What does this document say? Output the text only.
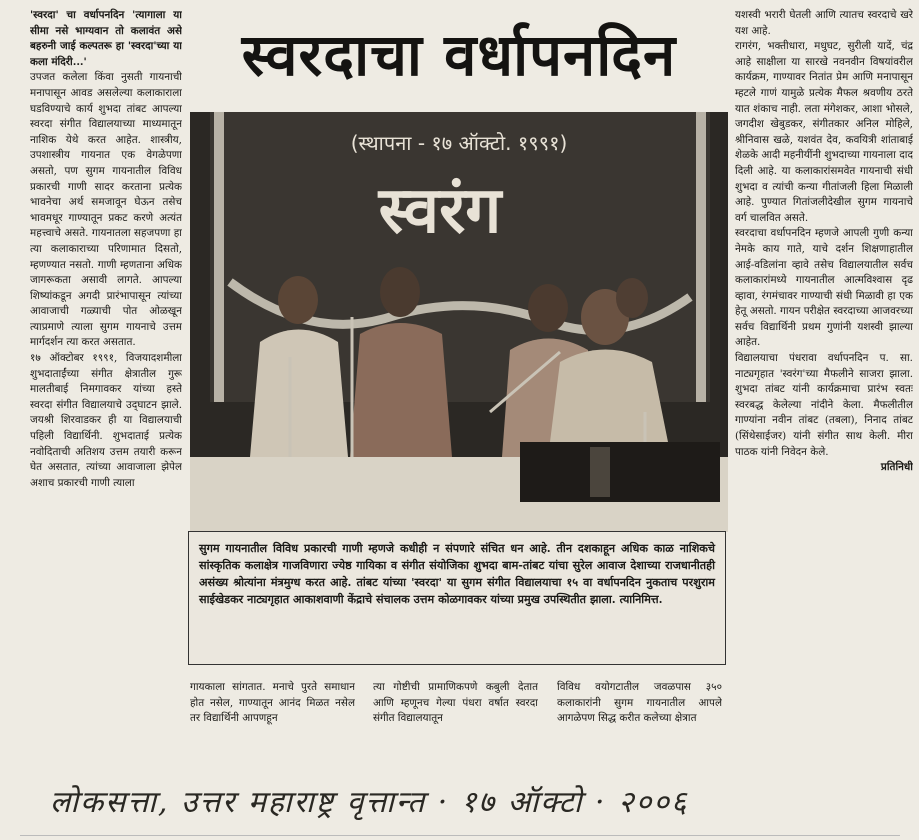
'स्वरदा' चा वर्धापनदिन 'त्यागाला या सीमा नसे भाग्यवान तो कलावंत असे बहरुनी जाई कल्पतरू हा 'स्वरदा'च्या या कला मंदिरी...'

उपजत कलेला किंवा नुसती गायनाची मनापासून आवड असलेल्या कलाकाराला घडविण्याचे कार्य शुभदा तांबट आपल्या स्वरदा संगीत विद्यालयाच्या माध्यमातून नाशिक येथे करत आहेत. शास्त्रीय, उपशास्त्रीय गायनात एक वेगळेपणा असतो, पण सुगम गायनातील विविध प्रकारची गाणी सादर करताना प्रत्येक भावनेचा अर्थ समजावून घेऊन तसेच भावमधूर गाण्यातून प्रकट करणे अत्यंत महत्त्वाचे असते. गायनातला सहजपणा हा त्या कलाकाराच्या परिणामात दिसतो, म्हणण्यात नसतो. गाणी म्हणताना अधिक जागरूकता असावी लागते. आपल्या शिष्यांकडून अगदी प्रारंभापासून त्यांच्या आवाजाची गळ्याची पोत ओळखून त्याप्रमाणे त्याला सुगम गायनाचे उत्तम मार्गदर्शन त्या करत असतात.

१७ ऑक्टोबर १९९१, विजयादशमीला शुभदाताईंच्या संगीत क्षेत्रातील गुरू मालतीबाई निमगावकर यांच्या हस्ते स्वरदा संगीत विद्यालयाचे उद्‌घाटन झाले. जयश्री शिरवाडकर ही या विद्यालयाची पहिली विद्यार्थिनी. शुभदाताई प्रत्येक नवोदिताची अतिशय उत्तम तयारी करून घेत असतात, त्यांच्या आवाजाला झेपेल अशाच प्रकारची गाणी त्याला

स्वरदाचा वर्धापनदिन
(स्थापना - १७ ऑक्टो. १९९१)
स्वरंग

सुगम गायनातील विविध प्रकारची गाणी म्हणजे कधीही न संपणारे संचित धन आहे. तीन दशकाहून अधिक काळ नाशिकचे सांस्कृतिक कलाक्षेत्र गाजविणारा ज्येष्ठ गायिका व संगीत संयोजिका शुभदा बाम-तांबट यांचा सुरेल आवाज देशाच्या राजधानीतही असंख्य श्रोत्यांना मंत्रमुग्ध करत आहे. तांबट यांच्या 'स्वरदा' या सुगम संगीत विद्यालयाचा १५ वा वर्धापनदिन नुकताच परशुराम साईखेडकर नाट्यगृहात आकाशवाणी केंद्राचे संचालक उत्तम कोळगावकर यांच्या प्रमुख उपस्थितीत झाला. त्यानिमित्त.

गायकाला सांगतात. मनाचे पुरते समाधान होत नसेल, गाण्यातून आनंद मिळत नसेल तर विद्यार्थिनी आपणहून
त्या गोष्टीची प्रामाणिकपणे कबुली देतात आणि म्हणूनच गेल्या पंधरा वर्षात स्वरदा संगीत विद्यालयातून
विविध वयोगटातील जवळपास ३५० कलाकारांनी सुगम गायनातील आपले आगळेपण सिद्ध करीत कलेच्या क्षेत्रात

यशस्वी भरारी घेतली आणि त्यातच स्वरदाचे खरे यश आहे.

रागरंग, भक्तीधारा, मधुघट, सुरीली यादें, चंद्र आहे साक्षीला या सारखे नवनवीन विषयांवरील कार्यक्रम, गाण्यावर नितांत प्रेम आणि मनापासून म्हटले गाणं यामुळे प्रत्येक मैफल श्रवणीय ठरते यात शंकाच नाही. लता मंगेशकर, आशा भोसले, जगदीश खेबुडकर, संगीतकार अनिल मोहिले, श्रीनिवास खळे, यशवंत देव, कवयित्री शांताबाई शेळके आदी महनीयींनी शुभदाच्या गायनाला दाद दिली आहे. या कलाकारांसमवेत गायनाची संधी शुभदा व त्यांची कन्या गीतांजली हिला मिळाली आहे. पुण्यात गितांजलीदेखील सुगम गायनाचे वर्ग चालवित असते.

स्वरदाचा वर्धापनदिन म्हणजे आपली गुणी कन्या नेमके काय गाते, याचे दर्शन शिक्षणाहातील आई-वडिलांना व्हावे तसेच विद्यालयातील सर्वच कलाकारांमध्ये गायनातील आत्मविश्वास दृढ व्हावा, रंगमंचावर गाण्याची संधी मिळावी हा एक हेतू असतो. गायन परीक्षेत स्वरदाच्या आजवरच्या सर्वच विद्यार्थिनी प्रथम गुणांनी यशस्वी झाल्या आहेत.

विद्यालयाचा पंधरावा वर्धापनदिन प. सा. नाट्यगृहात 'स्वरंग'च्या मैफलीने साजरा झाला. शुभदा तांबट यांनी कार्यक्रमाचा प्रारंभ स्वतः स्वरबद्ध केलेल्या नांदीने केला. मैफलीतील गाण्यांना नवीन तांबट (तबला), निनाद तांबट (सिंथेसाईजर) यांनी संगीत साथ केली. मीरा पाठक यांनी निवेदन केले.

प्रतिनिधी
लोकसत्ता, उत्तर महाराष्ट्र वृत्तान्त · १७ ऑक्टो · २००६
